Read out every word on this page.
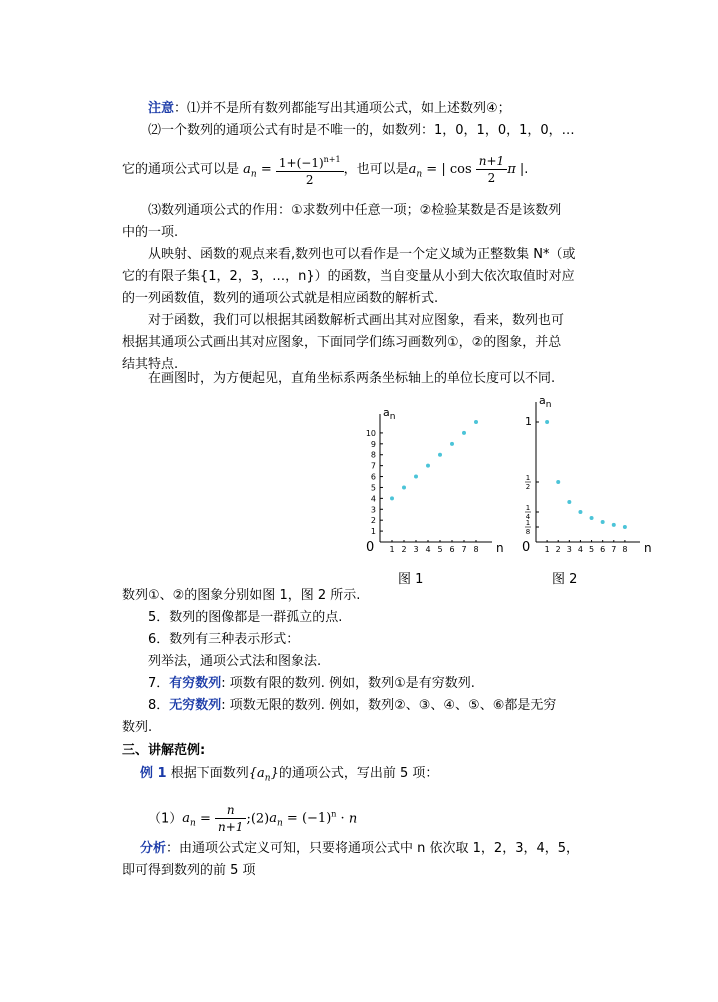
注意：⑴并不是所有数列都能写出其通项公式，如上述数列④；
⑵一个数列的通项公式有时是不唯一的，如数列：1，0，1，0，1，0，…
它的通项公式可以是 $a_n = \frac{1+(-1)^{n+1}}{2}$ ，也可以是$a_n$ = | $\cos \frac{n+1}{2}$ π |.
⑶数列通项公式的作用：①求数列中任意一项；②检验某数是否是该数列
中的一项.
从映射、函数的观点来看,数列也可以看作是一个定义域为正整数集 N*（或
它的有限子集{1，2，3，…，n}）的函数，当自变量从小到大依次取值时对应
的一列函数值，数列的通项公式就是相应函数的解析式.
对于函数，我们可以根据其函数解析式画出其对应图象，看来，数列也可
根据其通项公式画出其对应图象，下面同学们练习画数列①，②的图象，并总
结其特点.
在画图时，为方便起见，直角坐标系两条坐标轴上的单位长度可以不同.
0	n
$a_n$
1 2 3 4 5 6 7 8
1
2
3
4
5
6
7
8
9
10
图 1
0	n
$a_n$
1 2 3 4 5 6 7 8
1
1
2
1
4
1
8
图 2
数列①、②的图象分别如图 1，图 2 所示.
5．数列的图像都是一群孤立的点.
6．数列有三种表示形式：
列举法，通项公式法和图象法.
7．有穷数列: 项数有限的数列. 例如，数列①是有穷数列.
8．无穷数列: 项数无限的数列. 例如，数列②、③、④、⑤、⑥都是无穷
数列.
三、讲解范例:
例 1 根据下面数列$\{a_n\}$的通项公式，写出前 5 项：
$(1)a_n = \frac{n}{n+1}$ $;(2)a_n = (-1)^n \cdot n$
分析：由通项公式定义可知，只要将通项公式中 n 依次取 1，2，3，4，5，
即可得到数列的前 5 项
